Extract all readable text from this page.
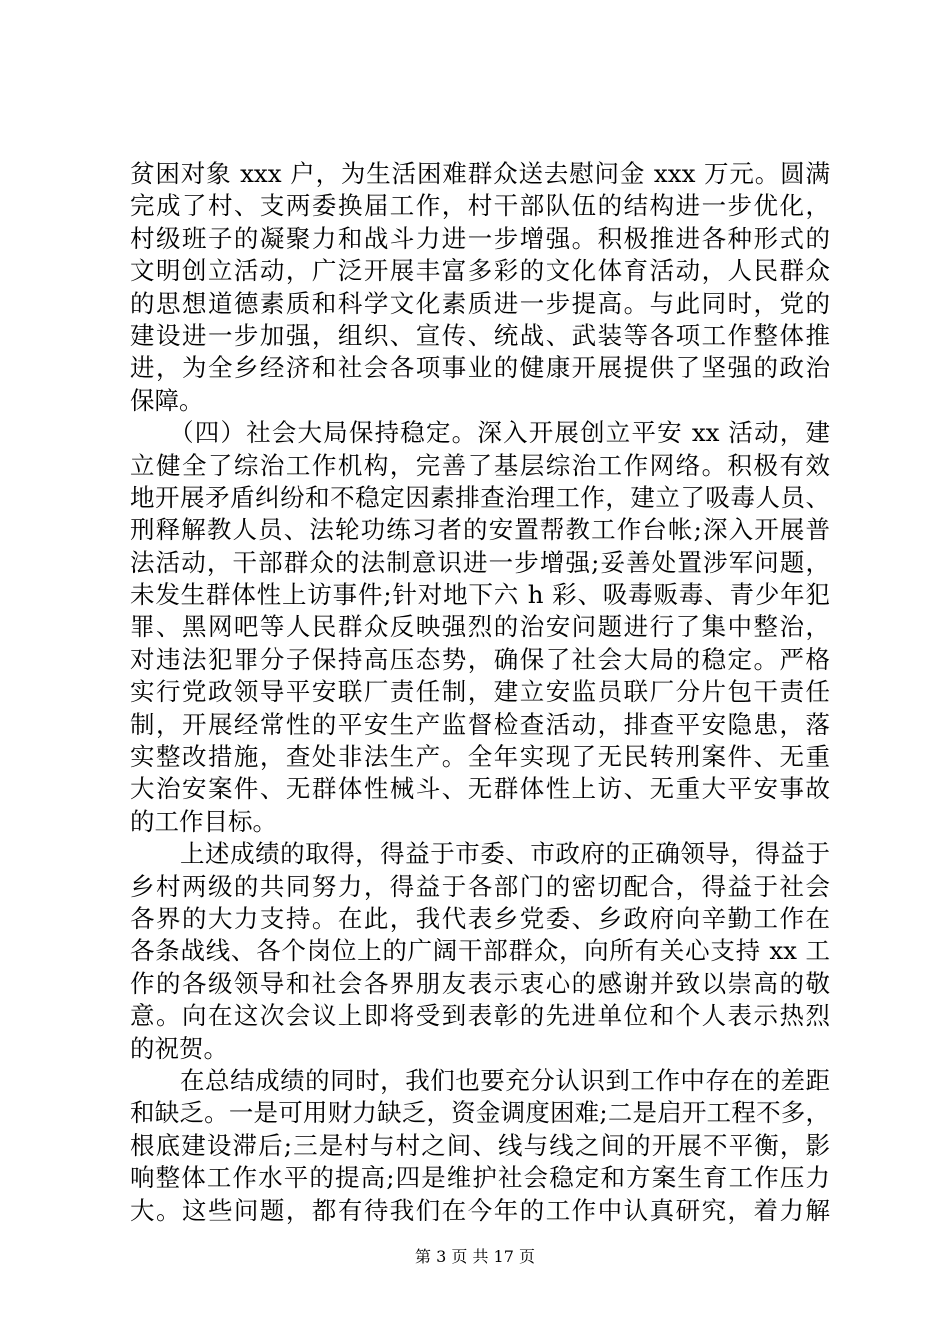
贫困对象 xxx 户，为生活困难群众送去慰问金 xxx 万元。圆满
完成了村、支两委换届工作，村干部队伍的结构进一步优化，
村级班子的凝聚力和战斗力进一步增强。积极推进各种形式的
文明创立活动，广泛开展丰富多彩的文化体育活动，人民群众
的思想道德素质和科学文化素质进一步提高。与此同时，党的
建设进一步加强，组织、宣传、统战、武装等各项工作整体推
进，为全乡经济和社会各项事业的健康开展提供了坚强的政治
保障。
　　（四）社会大局保持稳定。深入开展创立平安 xx 活动，建
立健全了综治工作机构，完善了基层综治工作网络。积极有效
地开展矛盾纠纷和不稳定因素排查治理工作，建立了吸毒人员、
刑释解教人员、法轮功练习者的安置帮教工作台帐;深入开展普
法活动，干部群众的法制意识进一步增强;妥善处置涉军问题，
未发生群体性上访事件;针对地下六 h 彩、吸毒贩毒、青少年犯
罪、黑网吧等人民群众反映强烈的治安问题进行了集中整治，
对违法犯罪分子保持高压态势，确保了社会大局的稳定。严格
实行党政领导平安联厂责任制，建立安监员联厂分片包干责任
制，开展经常性的平安生产监督检查活动，排查平安隐患，落
实整改措施，查处非法生产。全年实现了无民转刑案件、无重
大治安案件、无群体性械斗、无群体性上访、无重大平安事故
的工作目标。
　　上述成绩的取得，得益于市委、市政府的正确领导，得益于
乡村两级的共同努力，得益于各部门的密切配合，得益于社会
各界的大力支持。在此，我代表乡党委、乡政府向辛勤工作在
各条战线、各个岗位上的广阔干部群众，向所有关心支持 xx 工
作的各级领导和社会各界朋友表示衷心的感谢并致以崇高的敬
意。向在这次会议上即将受到表彰的先进单位和个人表示热烈
的祝贺。
　　在总结成绩的同时，我们也要充分认识到工作中存在的差距
和缺乏。一是可用财力缺乏，资金调度困难;二是启开工程不多，
根底建设滞后;三是村与村之间、线与线之间的开展不平衡，影
响整体工作水平的提高;四是维护社会稳定和方案生育工作压力
大。这些问题，都有待我们在今年的工作中认真研究，着力解
第 3 页 共 17 页
